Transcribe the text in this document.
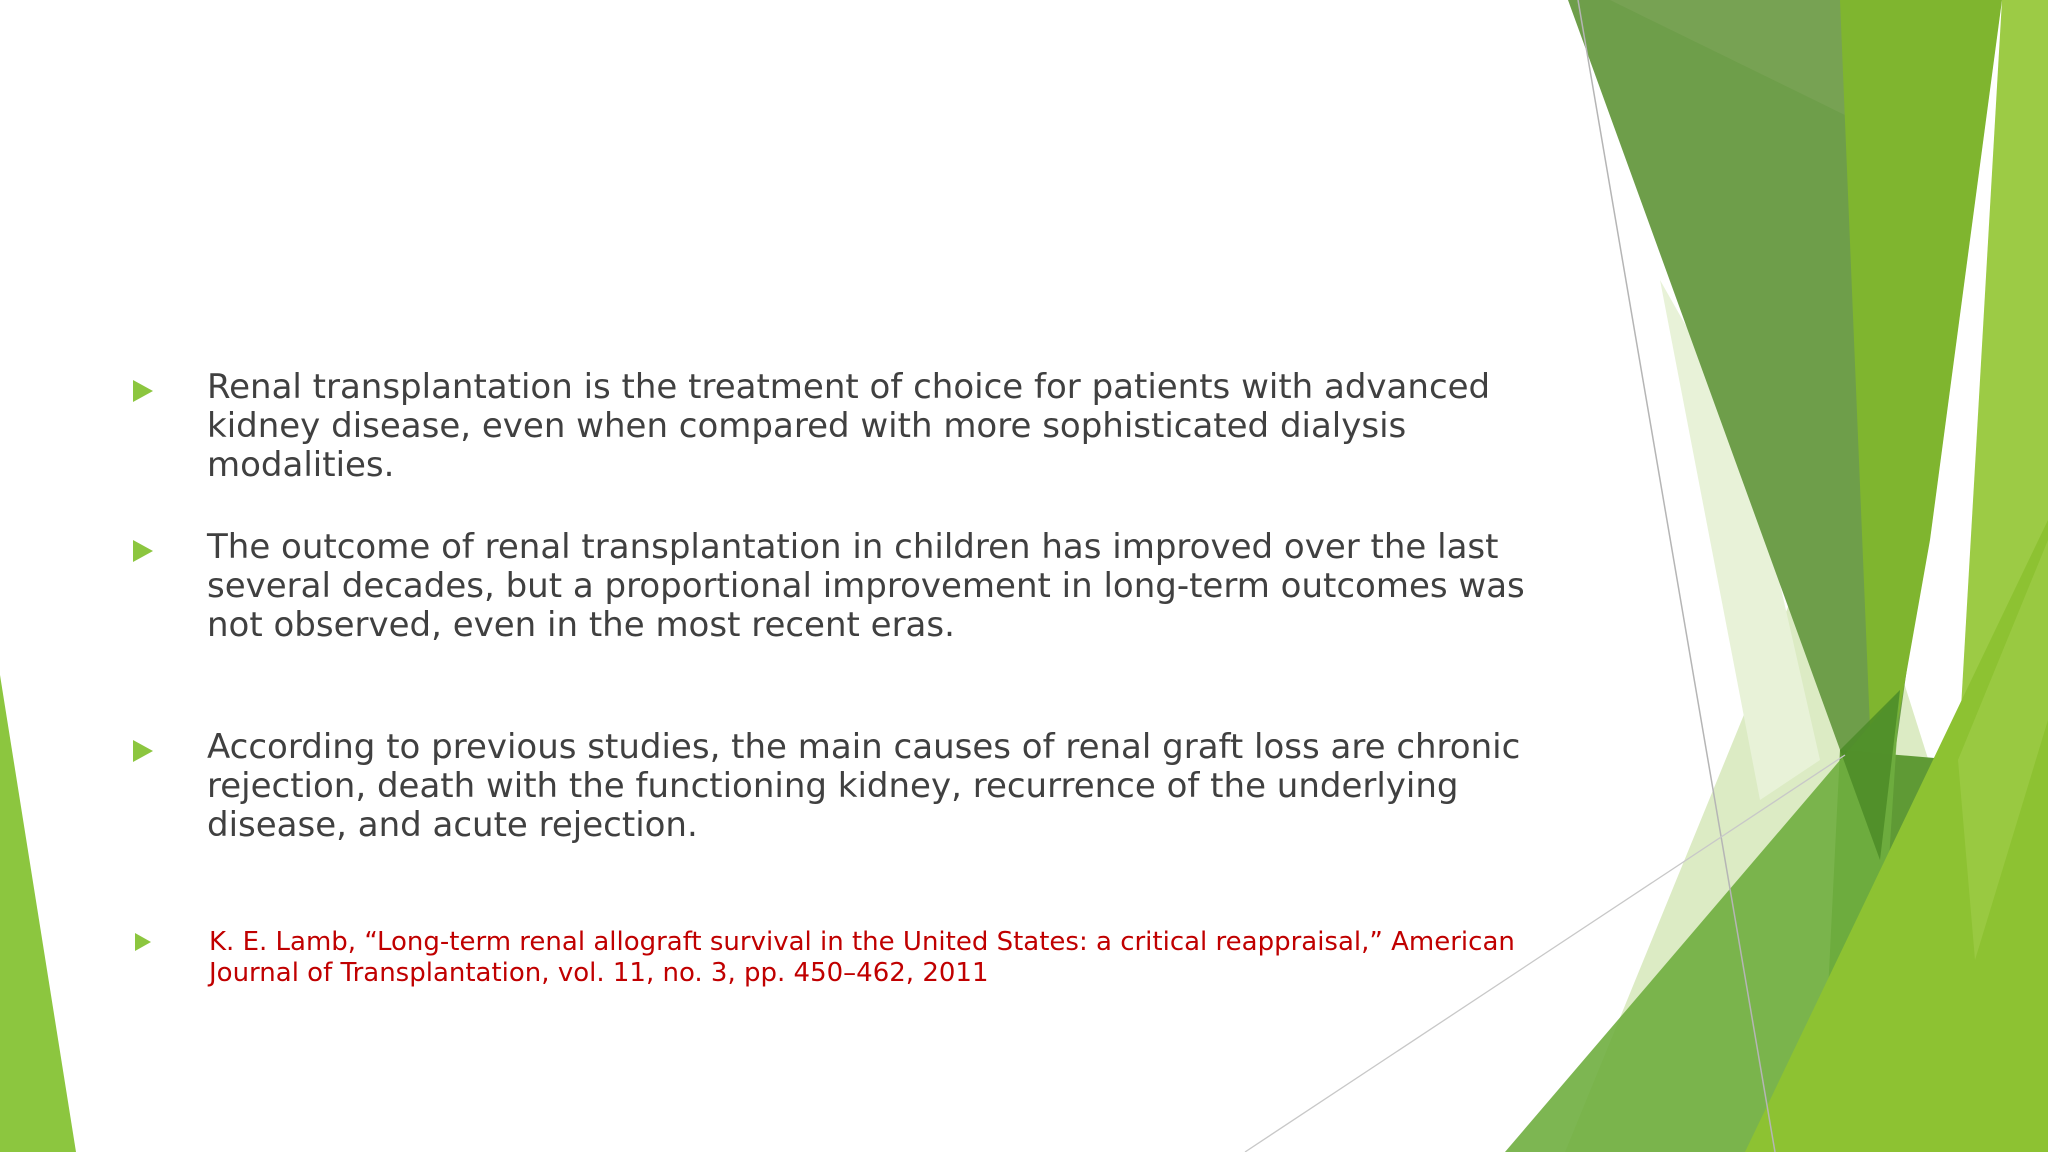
Renal transplantation is the treatment of choice for patients with advanced kidney disease, even when compared with more sophisticated dialysis modalities.
The outcome of renal transplantation in children has improved over the last several decades, but a proportional improvement in long-term outcomes was not observed, even in the most recent eras.
According to previous studies, the main causes of renal graft loss are chronic rejection, death with the functioning kidney, recurrence of the underlying disease, and acute rejection.
K. E. Lamb, “Long-term renal allograft survival in the United States: a critical reappraisal,” American Journal of Transplantation, vol. 11, no. 3, pp. 450–462, 2011
